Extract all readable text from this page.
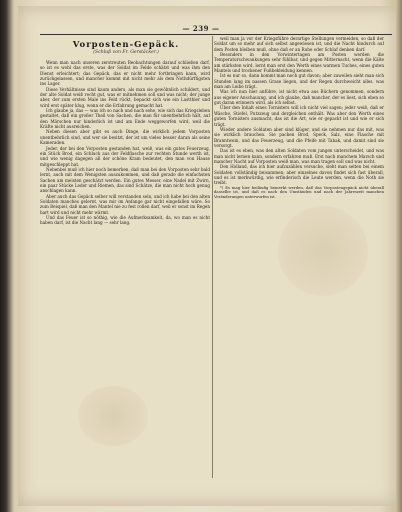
— 239 —
Vorposten-Gepäck.
(Schluß von Fr. Gerstäcker.)

Wenn man nach unseren zerstreuten Beobachtungen darauf schließen darf, so ist es wohl das erste, was der Soldat im Felde schätzt und was ihm den Dienst erleichtert; das Gepäck, das er nicht mehr fortbringen kann, wird zurückgelassen, und mancher kommt mit nicht mehr als dem Nothdürftigsten ins Lager.

Diese Verhältnisse sind kaum anders, als man sie gewöhnlich schildert, und der alte Soldat weiß recht gut, was er mitnehmen soll und was nicht; der junge aber, der zum ersten Male ins Feld rückt, bepackt sich wie ein Lastthier und wird erst später klug, wenn er die Erfahrung gemacht hat.

Ich glaube ja, das — was ich so nach und nach sehe, wie sich das Kriegsleben gestaltet, daß ein großer Theil von Sachen, die man für unentbehrlich hält, auf den Märschen nur hinderlich ist und am Ende weggeworfen wird, weil die Kräfte nicht ausreichen.

Neben diesen aber gibt es auch Dinge, die wirklich jedem Vorposten unentbehrlich sind, und wer sie besitzt, der ist um vieles besser daran als seine Kameraden.

Jeder, der bei den Vorposten gestanden hat, weiß, was ein gutes Feuerzeug, ein Stück Brod, ein Schluck aus der Feldflasche zur rechten Stunde werth ist, und wie wenig dagegen all der schöne Kram bedeutet, den man von Hause mitgeschleppt hat.

Nebenbei muß ich hier noch bemerken, daß man bei den Vorposten sehr bald lernt, auch mit dem Wenigsten auszukommen, und daß gerade die einfachsten Sachen am meisten geschätzt werden. Ein gutes Messer, eine Nadel mit Zwirn, ein paar Stücke Leder und Riemen, das sind Schätze, die man nicht hoch genug anschlagen kann.

Aber auch das Gepäck selber will verstanden sein, und ich habe bei den alten Soldaten manches gelernt, was mir im Anfange gar nicht eingefallen wäre. So zum Beispiel, daß man den Mantel nie zu fest rollen darf, weil er sonst im Regen hart wird und nicht mehr wärmt.

Und das Feuer ist so nöthig, wie die Aufmerksamkeit, da, wo man es nicht haben darf, ist die Nacht lang — sehr lang.

weil man ja vor der Kriegsführe derartige Stellungen vermeiden, so daß der Soldat um so mehr auf sich selbst angewiesen ist, und die Nacht hindurch auf dem Posten bleiben muß, ohne daß er an Ruhe oder Schlaf denken darf.

Besonders in den Vorwintertagen am Posten werden die Temperaturschwankungen sehr fühlbar, und gegen Mitternacht, wenn die Kälte am stärksten wird, lernt man erst den Werth eines warmen Tuches, eines guten Mantels und trockener Fußbekleidung kennen.

Ist es nur so, dann kommt man noch gut davon; aber zuweilen sieht man sich Stunden lang im nassen Grase liegen, und der Regen durchweicht alles, was man am Leibe trägt.

Was ich nun hier anführe, ist nicht etwa aus Büchern genommen, sondern aus eigener Anschauung, und ich glaube, daß mancher, der es liest, sich eben so gut daran erinnern wird, als ich selbst.

Über den Inhalt eines Tornisters will ich nicht viel sagen; jeder weiß, daß er Wäsche, Stiefel, Putzzeug und dergleichen enthält. Was aber den Werth eines guten Tornisters ausmacht, das ist die Art, wie er gepackt ist und wie er sich trägt.

Wieder andere Soldaten aber sind klüger, und sie nehmen nur das mit, was sie wirklich brauchen. Sie packen Brod, Speck, Salz, eine Flasche mit Branntwein, und das Feuerzeug, und die Pfeife mit Tabak, und damit sind sie versorgt.

Das ist es eben, was den alten Soldaten vom jungen unterscheidet, und was man nicht lernen kann, sondern erfahren muß. Erst nach manchem Marsch und mancher Nacht auf Vorposten weiß man, was man tragen soll und was nicht.

Den Holland, das ich hier aufzuzählen versuche, sieht man selten bei einem Soldaten vollständig beisammen; aber einzelnes davon findet sich fast überall, und es ist merkwürdig, wie erfinderisch die Leute werden, wenn die Noth sie treibt.

*) Es mag hier beiläufig bemerkt werden, daß das Vorpostengepäck nicht überall dasselbe ist, und daß es nach den Umständen und nach der Jahreszeit manchen Veränderungen unterworfen ist.
